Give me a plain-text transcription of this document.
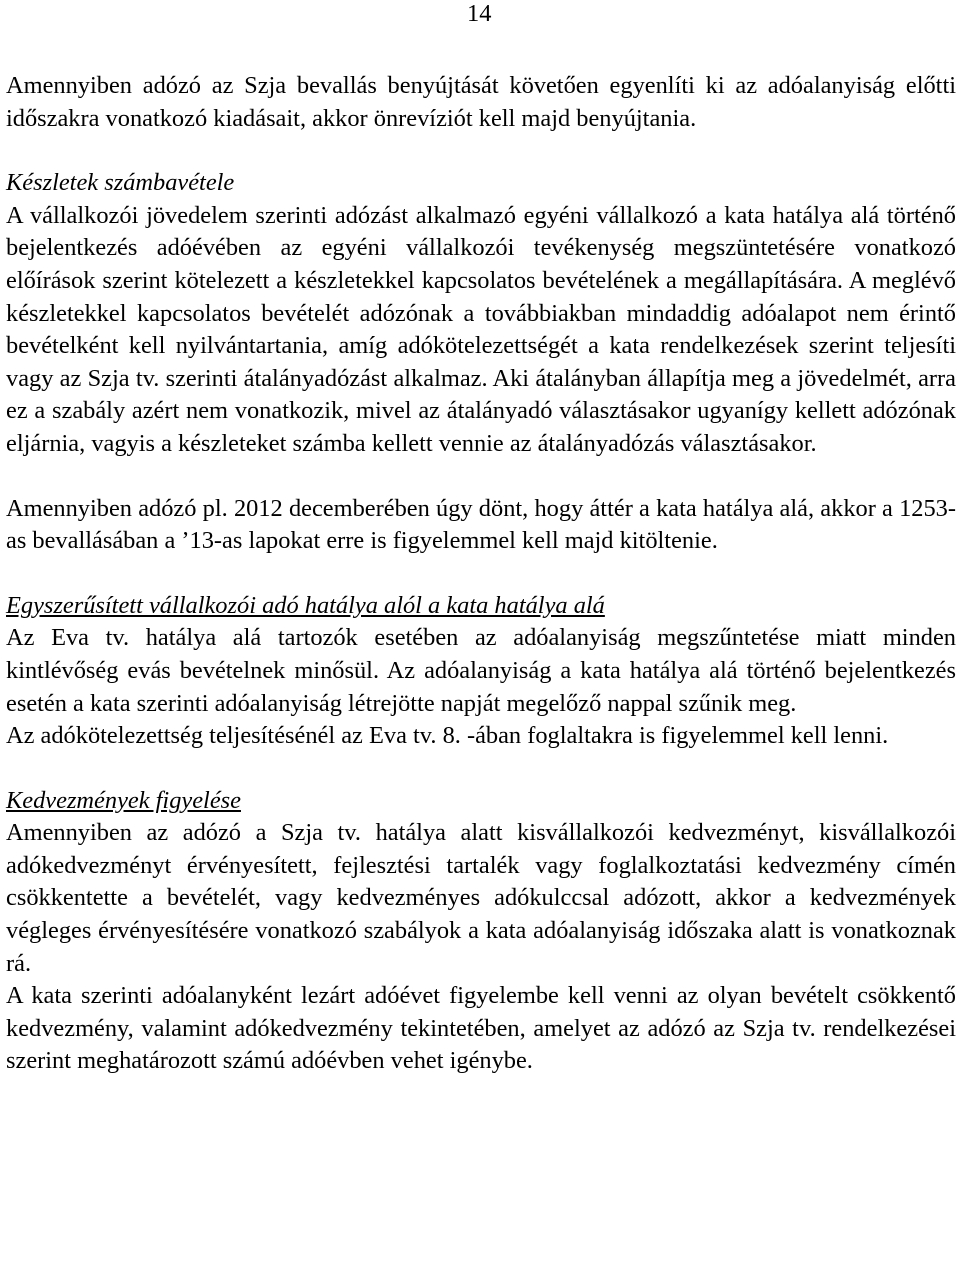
14

Amennyiben adózó az Szja bevallás benyújtását követően egyenlíti ki az adóalanyiság előtti időszakra vonatkozó kiadásait, akkor önrevíziót kell majd benyújtania.

Készletek számbavétele

A vállalkozói jövedelem szerinti adózást alkalmazó egyéni vállalkozó a kata hatálya alá történő bejelentkezés adóévében az egyéni vállalkozói tevékenység megszüntetésére vonatkozó előírások szerint kötelezett a készletekkel kapcsolatos bevételének a megállapítására. A meglévő készletekkel kapcsolatos bevételét adózónak a továbbiakban mindaddig adóalapot nem érintő bevételként kell nyilvántartania, amíg adókötelezettségét a kata rendelkezések szerint teljesíti vagy az Szja tv. szerinti átalányadózást alkalmaz. Aki átalányban állapítja meg a jövedelmét, arra ez a szabály azért nem vonatkozik, mivel az átalányadó választásakor ugyanígy kellett adózónak eljárnia, vagyis a készleteket számba kellett vennie az átalányadózás választásakor.

Amennyiben adózó pl. 2012 decemberében úgy dönt, hogy áttér a kata hatálya alá, akkor a 1253-as bevallásában a ’13-as lapokat erre is figyelemmel kell majd kitöltenie.

Egyszerűsített vállalkozói adó hatálya alól a kata hatálya alá

Az Eva tv. hatálya alá tartozók esetében az adóalanyiság megszűntetése miatt minden kintlévőség evás bevételnek minősül. Az adóalanyiság a kata hatálya alá történő bejelentkezés esetén a kata szerinti adóalanyiság létrejötte napját megelőző nappal szűnik meg.

Az adókötelezettség teljesítésénél az Eva tv. 8. -ában foglaltakra is figyelemmel kell lenni.

Kedvezmények figyelése

Amennyiben az adózó a Szja tv. hatálya alatt kisvállalkozói kedvezményt, kisvállalkozói adókedvezményt érvényesített, fejlesztési tartalék vagy foglalkoztatási kedvezmény címén csökkentette a bevételét, vagy kedvezményes adókulccsal adózott, akkor a kedvezmények végleges érvényesítésére vonatkozó szabályok a kata adóalanyiság időszaka alatt is vonatkoznak rá.

A kata szerinti adóalanyként lezárt adóévet figyelembe kell venni az olyan bevételt csökkentő kedvezmény, valamint adókedvezmény tekintetében, amelyet az adózó az Szja tv. rendelkezései szerint meghatározott számú adóévben vehet igénybe.
